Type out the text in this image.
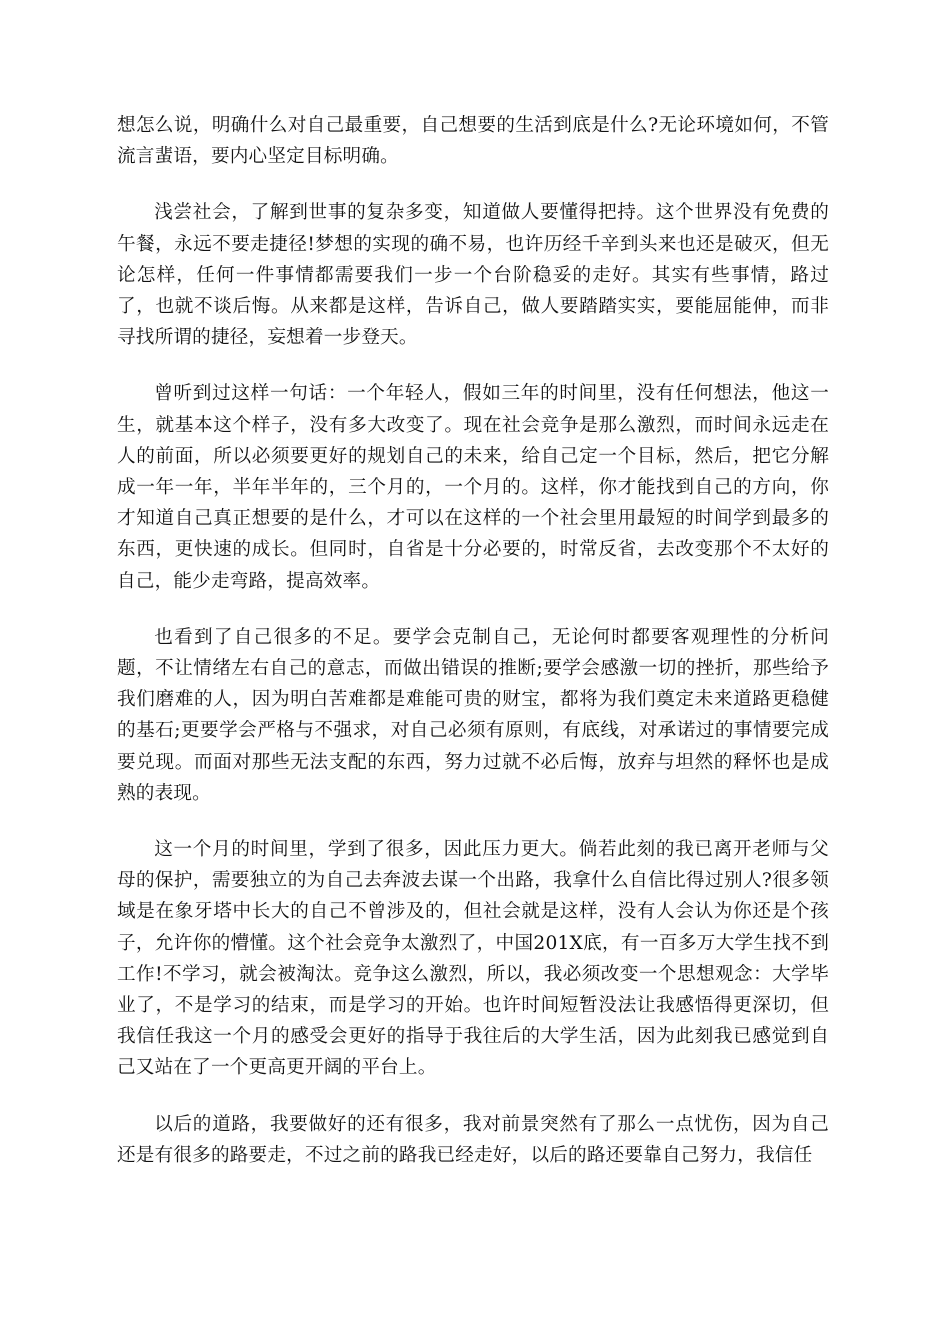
想怎么说，明确什么对自己最重要，自己想要的生活到底是什么?无论环境如何，不管流言蜚语，要内心坚定目标明确。

浅尝社会，了解到世事的复杂多变，知道做人要懂得把持。这个世界没有免费的午餐，永远不要走捷径!梦想的实现的确不易，也许历经千辛到头来也还是破灭，但无论怎样，任何一件事情都需要我们一步一个台阶稳妥的走好。其实有些事情，路过了，也就不谈后悔。从来都是这样，告诉自己，做人要踏踏实实，要能屈能伸，而非寻找所谓的捷径，妄想着一步登天。

曾听到过这样一句话：一个年轻人，假如三年的时间里，没有任何想法，他这一生，就基本这个样子，没有多大改变了。现在社会竞争是那么激烈，而时间永远走在人的前面，所以必须要更好的规划自己的未来，给自己定一个目标，然后，把它分解成一年一年，半年半年的，三个月的，一个月的。这样，你才能找到自己的方向，你才知道自己真正想要的是什么，才可以在这样的一个社会里用最短的时间学到最多的东西，更快速的成长。但同时，自省是十分必要的，时常反省，去改变那个不太好的自己，能少走弯路，提高效率。

也看到了自己很多的不足。要学会克制自己，无论何时都要客观理性的分析问题，不让情绪左右自己的意志，而做出错误的推断;要学会感激一切的挫折，那些给予我们磨难的人，因为明白苦难都是难能可贵的财宝，都将为我们奠定未来道路更稳健的基石;更要学会严格与不强求，对自己必须有原则，有底线，对承诺过的事情要完成要兑现。而面对那些无法支配的东西，努力过就不必后悔，放弃与坦然的释怀也是成熟的表现。

这一个月的时间里，学到了很多，因此压力更大。倘若此刻的我已离开老师与父母的保护，需要独立的为自己去奔波去谋一个出路，我拿什么自信比得过别人?很多领域是在象牙塔中长大的自己不曾涉及的，但社会就是这样，没有人会认为你还是个孩子，允许你的懵懂。这个社会竞争太激烈了，中国201X底，有一百多万大学生找不到工作!不学习，就会被淘汰。竞争这么激烈，所以，我必须改变一个思想观念：大学毕业了，不是学习的结束，而是学习的开始。也许时间短暂没法让我感悟得更深切，但我信任我这一个月的感受会更好的指导于我往后的大学生活，因为此刻我已感觉到自己又站在了一个更高更开阔的平台上。

以后的道路，我要做好的还有很多，我对前景突然有了那么一点忧伤，因为自己还是有很多的路要走，不过之前的路我已经走好，以后的路还要靠自己努力，我信任
